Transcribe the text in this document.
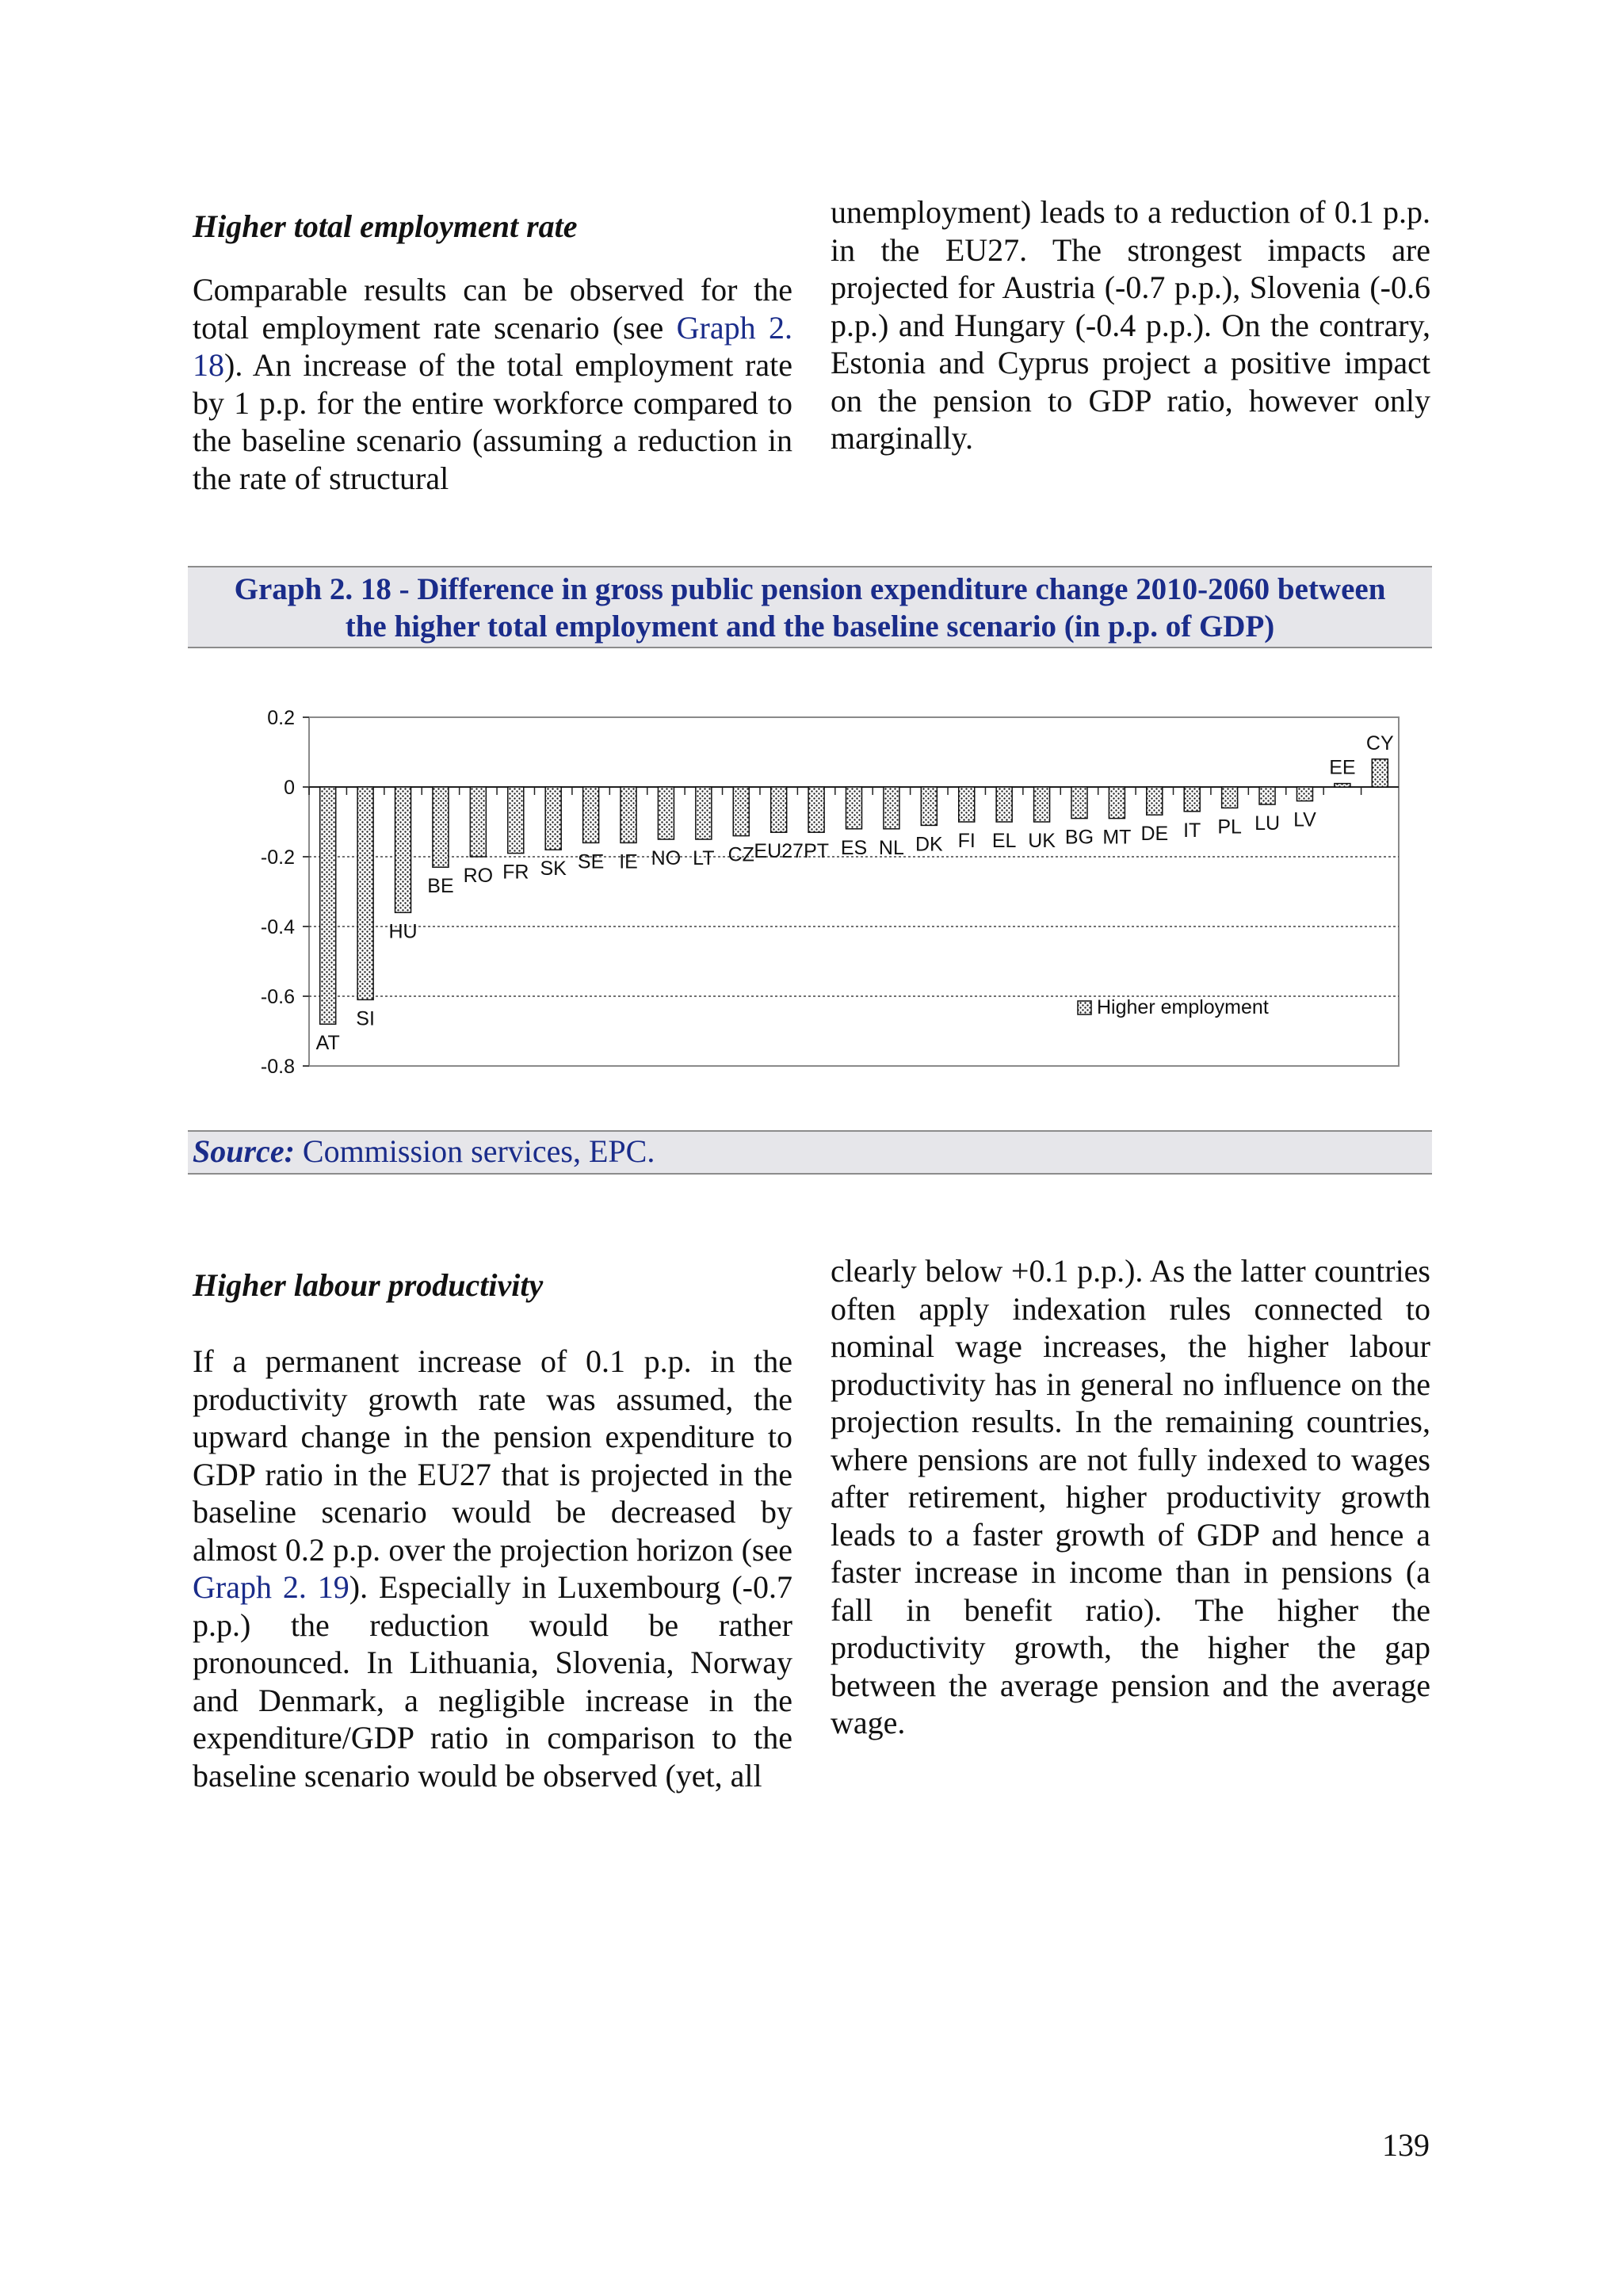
Higher total employment rate

Comparable results can be observed for the total employment rate scenario (see Graph 2. 18). An increase of the total employment rate by 1 p.p. for the entire workforce compared to the baseline scenario (assuming a reduction in the rate of structural

unemployment) leads to a reduction of 0.1 p.p. in the EU27. The strongest impacts are projected for Austria (-0.7 p.p.), Slovenia (-0.6 p.p.) and Hungary (-0.4 p.p.). On the contrary, Estonia and Cyprus project a positive impact on the pension to GDP ratio, however only marginally.

Graph 2. 18 - Difference in gross public pension expenditure change 2010-2060 between
the higher total employment and the baseline scenario (in p.p. of GDP)
0.2
0
-0.2
-0.4
-0.6
-0.8
AT
SI
HU
BE RO FR SK SE IE NO LT CZ EU27 PT ES NL DK FI EL UK BG MT DE IT PL LU LV
EE
CY
Higher employment
Source: Commission services, EPC.

Higher labour productivity

If a permanent increase of 0.1 p.p. in the productivity growth rate was assumed, the upward change in the pension expenditure to GDP ratio in the EU27 that is projected in the baseline scenario would be decreased by almost 0.2 p.p. over the projection horizon (see Graph 2. 19). Especially in Luxembourg (-0.7 p.p.) the reduction would be rather pronounced. In Lithuania, Slovenia, Norway and Denmark, a negligible increase in the expenditure/GDP ratio in comparison to the baseline scenario would be observed (yet, all

clearly below +0.1 p.p.). As the latter countries often apply indexation rules connected to nominal wage increases, the higher labour productivity has in general no influence on the projection results. In the remaining countries, where pensions are not fully indexed to wages after retirement, higher productivity growth leads to a faster growth of GDP and hence a faster increase in income than in pensions (a fall in benefit ratio). The higher the productivity growth, the higher the gap between the average pension and the average wage.

139
